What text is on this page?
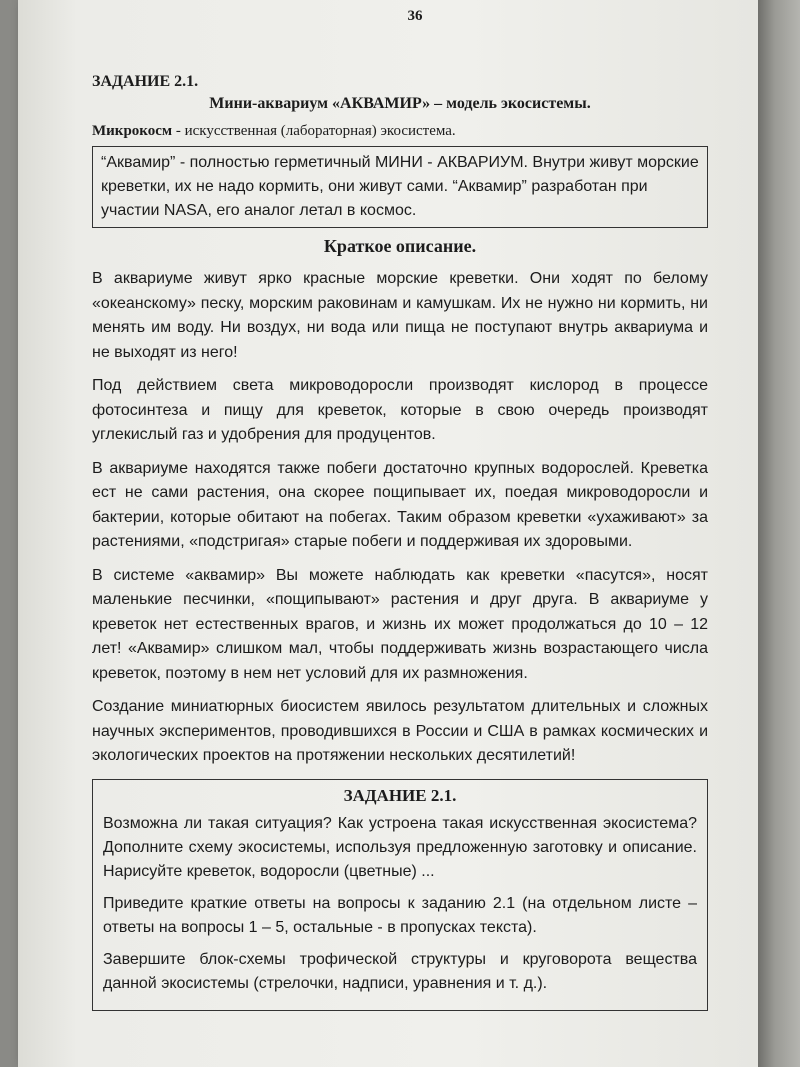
36
ЗАДАНИЕ 2.1.
Мини-аквариум «АКВАМИР» – модель экосистемы.
Микрокосм - искусственная (лабораторная) экосистема.
“Аквамир” - полностью герметичный МИНИ - АКВАРИУМ. Внутри живут морские креветки, их не надо кормить, они живут сами. “Аквамир” разработан при участии NASA, его аналог летал в космос.
Краткое описание.

В аквариуме живут ярко красные морские креветки. Они ходят по белому «океанскому» песку, морским раковинам и камушкам. Их не нужно ни кормить, ни менять им воду. Ни воздух, ни вода или пища не поступают внутрь аквариума и не выходят из него!

Под действием света микроводоросли производят кислород в процессе фотосинтеза и пищу для креветок, которые в свою очередь производят углекислый газ и удобрения для продуцентов.

В аквариуме находятся также побеги достаточно крупных водорослей. Креветка ест не сами растения, она скорее пощипывает их, поедая микроводоросли и бактерии, которые обитают на побегах. Таким образом креветки «ухаживают» за растениями, «подстригая» старые побеги и поддерживая их здоровыми.

В системе «аквамир» Вы можете наблюдать как креветки «пасутся», носят маленькие песчинки, «пощипывают» растения и друг друга. В аквариуме у креветок нет естественных врагов, и жизнь их может продолжаться до 10 – 12 лет! «Аквамир» слишком мал, чтобы поддерживать жизнь возрастающего числа креветок, поэтому в нем нет условий для их размножения.

Создание миниатюрных биосистем явилось результатом длительных и сложных научных экспериментов, проводившихся в России и США в рамках космических и экологических проектов на протяжении нескольких десятилетий!

ЗАДАНИЕ 2.1.

Возможна ли такая ситуация? Как устроена такая искусственная экосистема? Дополните схему экосистемы, используя предложенную заготовку и описание. Нарисуйте креветок, водоросли (цветные) ...

Приведите краткие ответы на вопросы к заданию 2.1 (на отдельном листе – ответы на вопросы 1 – 5, остальные - в пропусках текста).

Завершите блок-схемы трофической структуры и круговорота вещества данной экосистемы (стрелочки, надписи, уравнения и т. д.).
